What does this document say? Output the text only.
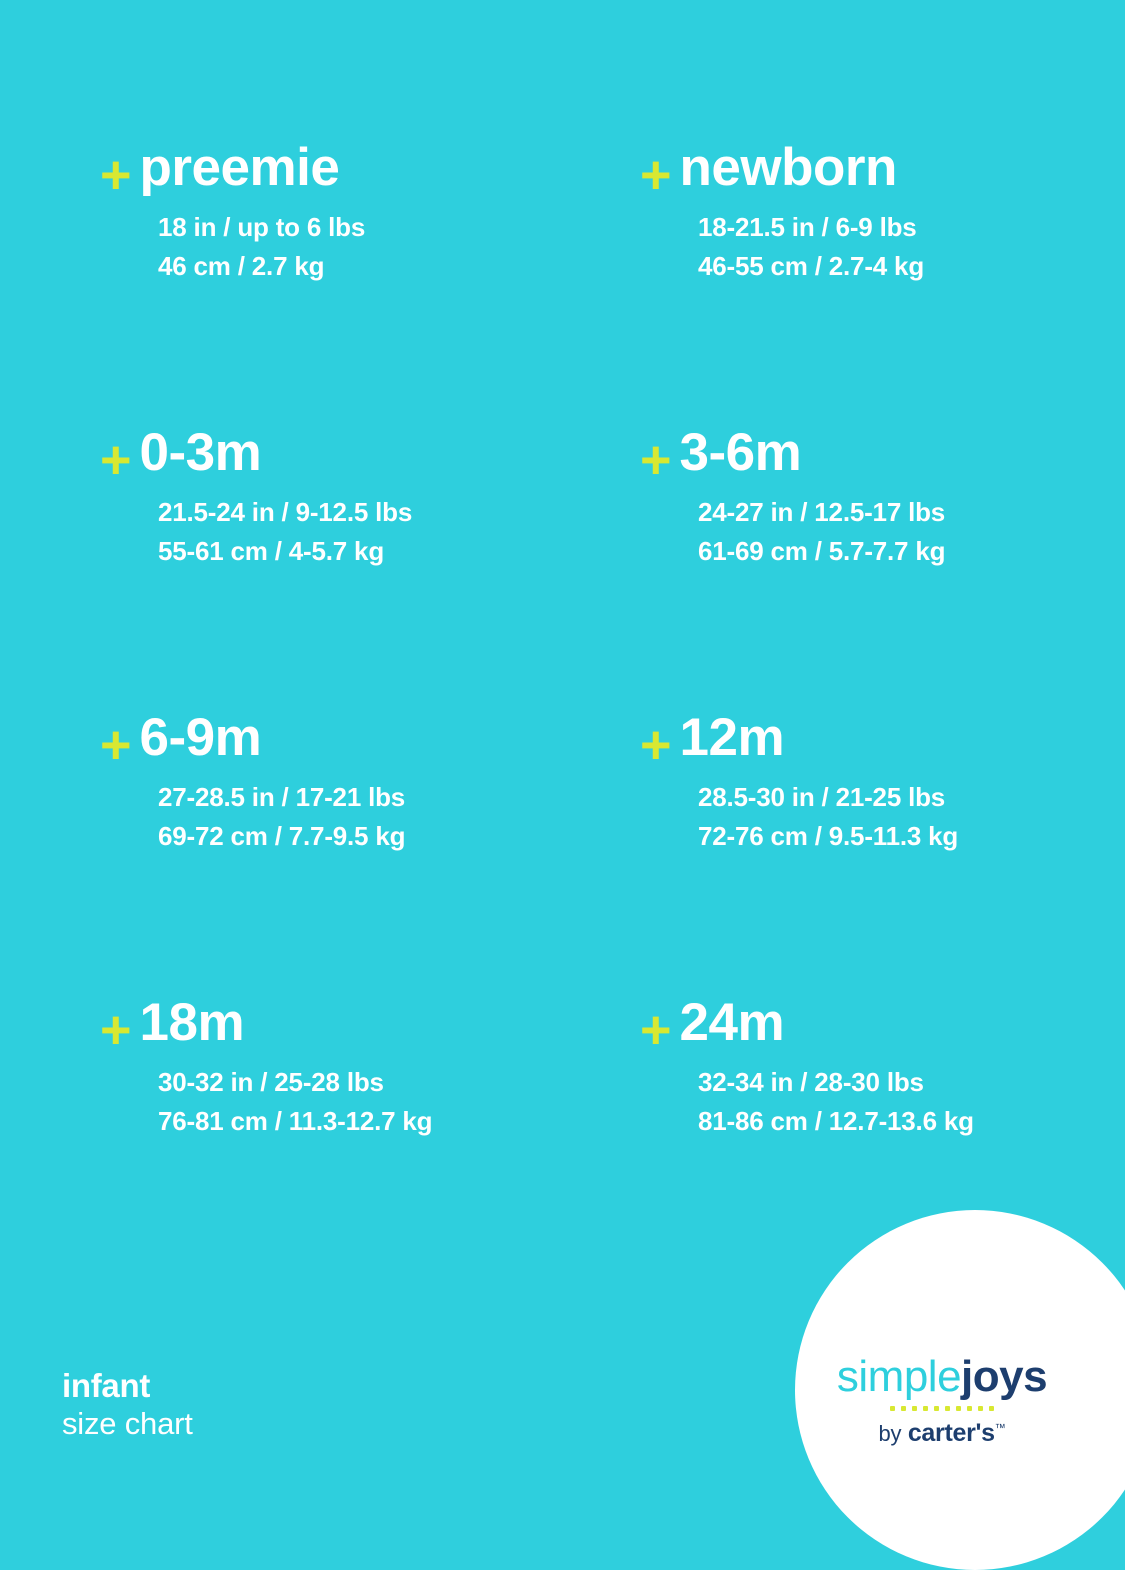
+ preemie
18 in / up to 6 lbs
46 cm / 2.7 kg
+ newborn
18-21.5 in / 6-9 lbs
46-55 cm / 2.7-4 kg
+ 0-3m
21.5-24 in / 9-12.5 lbs
55-61 cm / 4-5.7 kg
+ 3-6m
24-27 in / 12.5-17 lbs
61-69 cm / 5.7-7.7 kg
+ 6-9m
27-28.5 in / 17-21 lbs
69-72 cm / 7.7-9.5 kg
+ 12m
28.5-30 in / 21-25 lbs
72-76 cm / 9.5-11.3 kg
+ 18m
30-32 in / 25-28 lbs
76-81 cm / 11.3-12.7 kg
+ 24m
32-34 in / 28-30 lbs
81-86 cm / 12.7-13.6 kg
infant
size chart
simplejoys
by carter's™
